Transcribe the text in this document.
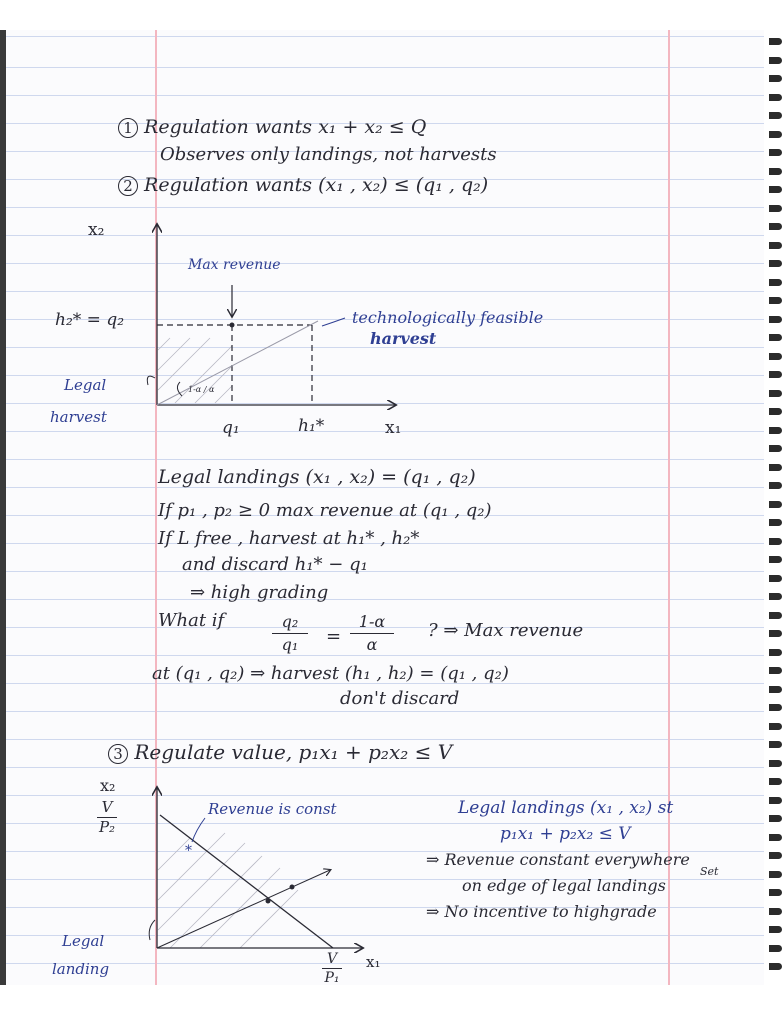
1 Regulation wants x₁ + x₂ ≤ Q
Observes only landings, not harvests
2 Regulation wants (x₁ , x₂) ≤ (q₁ , q₂)
*
x₂
Max revenue
h₂* = q₂	technologically feasible
harvest
Legal
harvest
1-α / α
q₁	h₁*	x₁
Legal landings (x₁ , x₂) = (q₁ , q₂)
If p₁ , p₂ ≥ 0 max revenue at (q₁ , q₂)
If L free , harvest at h₁* , h₂*
and discard h₁* − q₁
⇒ high grading
What if	q₂
q₁	= $\frac{1-\alpha}{\alpha}$ ? ⇒ Max revenue
at (q₁ , q₂) ⇒ harvest (h₁ , h₂) = (q₁ , q₂)
don't discard
3 Regulate value, p₁x₁ + p₂x₂ ≤ V
x₂
$\frac{V}{\text{P₂}}$	Revenue is const
Legal
landing	$\frac{V}{\text{P₁}} x_1$
Legal landings (x₁ , x₂) st
p₁x₁ + p₂x₂ ≤ V
⇒ Revenue constant everywhere
on edge of legal landings
Set
⇒ No incentive to highgrade
